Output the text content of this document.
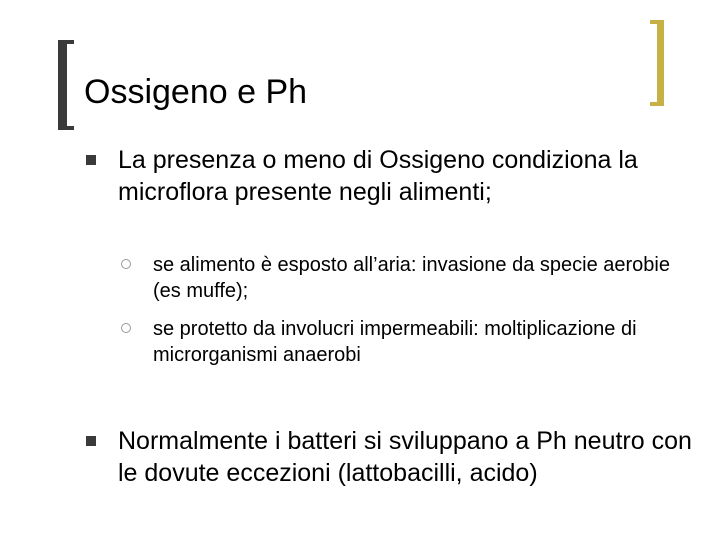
Ossigeno e Ph
La presenza o meno di Ossigeno condiziona la microflora presente negli alimenti;
se alimento è esposto all’aria: invasione da specie aerobie (es muffe);
se protetto da involucri impermeabili: moltiplicazione di microrganismi anaerobi
Normalmente i batteri si sviluppano a Ph neutro con le dovute eccezioni (lattobacilli, acido)
